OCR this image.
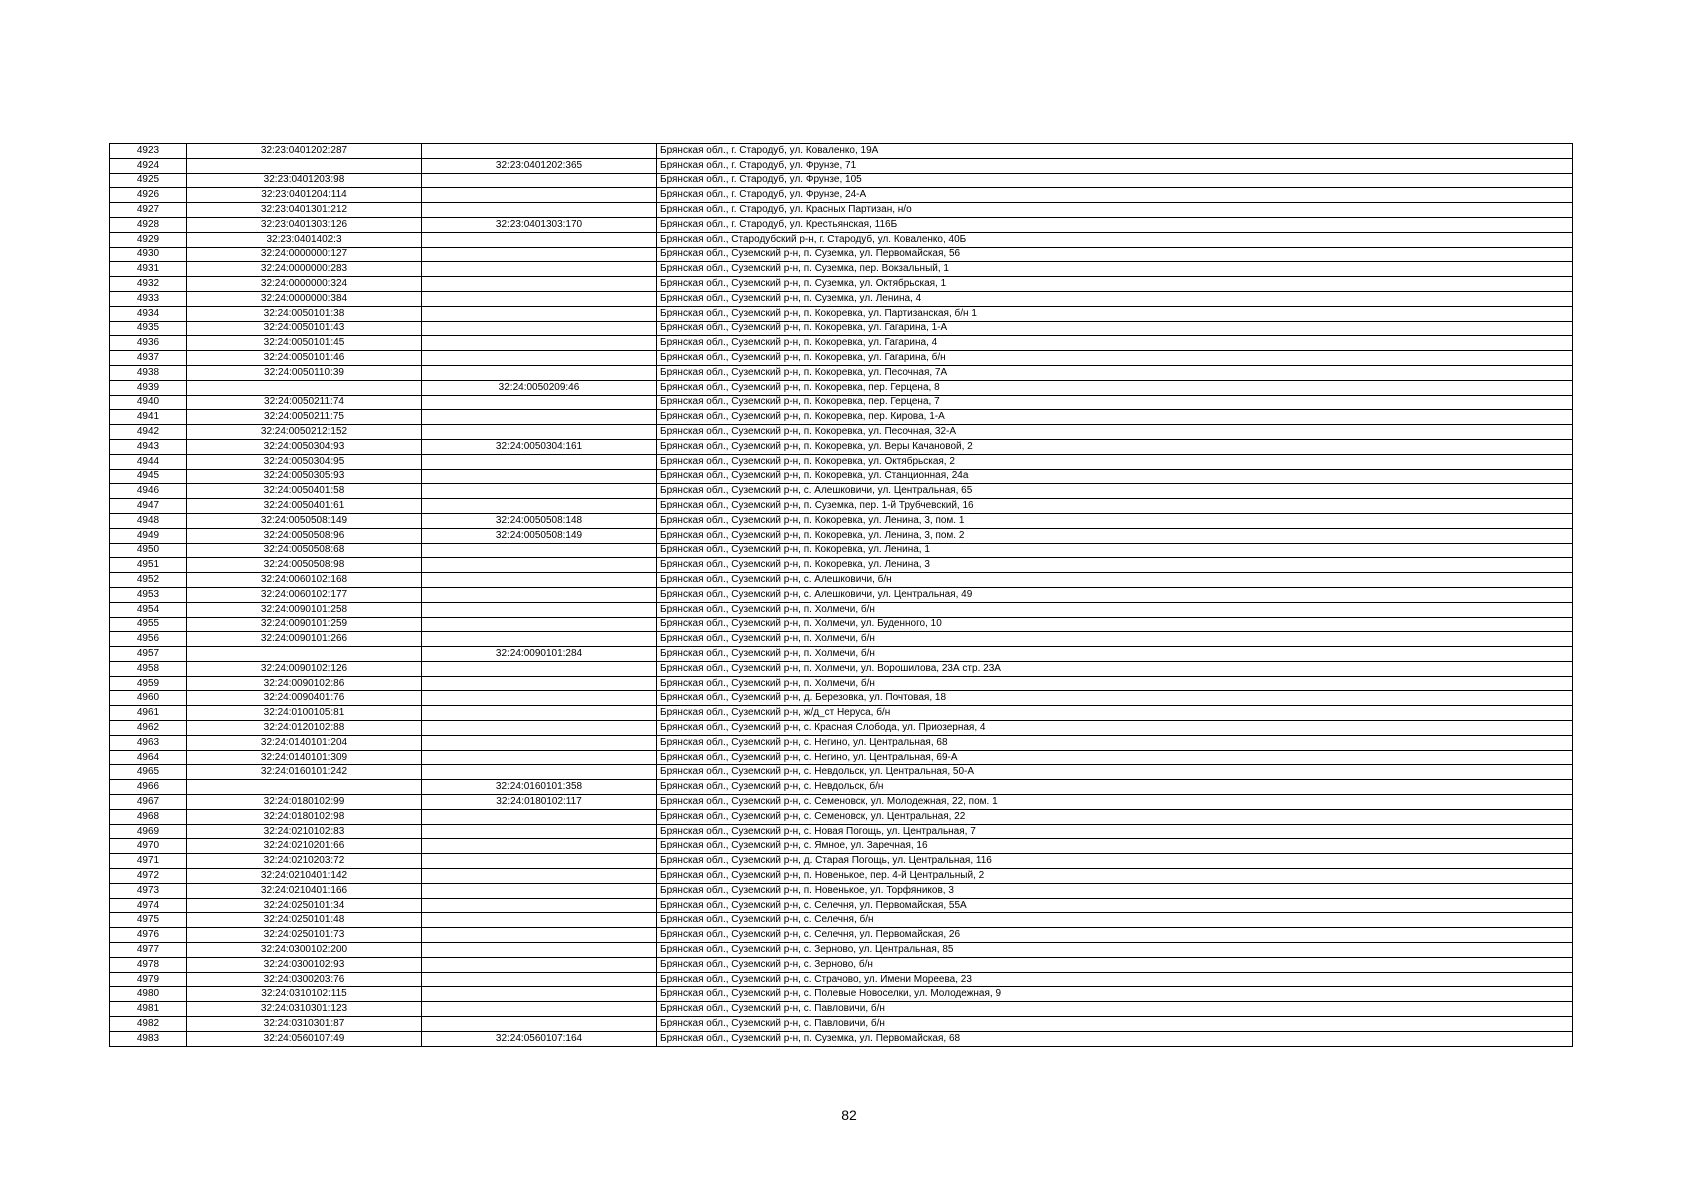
4923	32:23:0401202:287		Брянская обл., г. Стародуб, ул. Коваленко, 19А
4924		32:23:0401202:365	Брянская обл., г. Стародуб, ул. Фрунзе, 71
4925	32:23:0401203:98		Брянская обл., г. Стародуб, ул. Фрунзе, 105
4926	32:23:0401204:114		Брянская обл., г. Стародуб, ул. Фрунзе, 24-А
4927	32:23:0401301:212		Брянская обл., г. Стародуб, ул. Красных Партизан, н/о
4928	32:23:0401303:126	32:23:0401303:170	Брянская обл., г. Стародуб, ул. Крестьянская, 116Б
4929	32:23:0401402:3		Брянская обл., Стародубский р-н, г. Стародуб, ул. Коваленко, 40Б
4930	32:24:0000000:127		Брянская обл., Суземский р-н, п. Суземка, ул. Первомайская, 56
4931	32:24:0000000:283		Брянская обл., Суземский р-н, п. Суземка, пер. Вокзальный, 1
4932	32:24:0000000:324		Брянская обл., Суземский р-н, п. Суземка, ул. Октябрьская, 1
4933	32:24:0000000:384		Брянская обл., Суземский р-н, п. Суземка, ул. Ленина, 4
4934	32:24:0050101:38		Брянская обл., Суземский р-н, п. Кокоревка, ул. Партизанская, б/н 1
4935	32:24:0050101:43		Брянская обл., Суземский р-н, п. Кокоревка, ул. Гагарина, 1-А
4936	32:24:0050101:45		Брянская обл., Суземский р-н, п. Кокоревка, ул. Гагарина, 4
4937	32:24:0050101:46		Брянская обл., Суземский р-н, п. Кокоревка, ул. Гагарина, б/н
4938	32:24:0050110:39		Брянская обл., Суземский р-н, п. Кокоревка, ул. Песочная, 7А
4939		32:24:0050209:46	Брянская обл., Суземский р-н, п. Кокоревка, пер. Герцена, 8
4940	32:24:0050211:74		Брянская обл., Суземский р-н, п. Кокоревка, пер. Герцена, 7
4941	32:24:0050211:75		Брянская обл., Суземский р-н, п. Кокоревка, пер. Кирова, 1-А
4942	32:24:0050212:152		Брянская обл., Суземский р-н, п. Кокоревка, ул. Песочная, 32-А
4943	32:24:0050304:93	32:24:0050304:161	Брянская обл., Суземский р-н, п. Кокоревка, ул. Веры Качановой, 2
4944	32:24:0050304:95		Брянская обл., Суземский р-н, п. Кокоревка, ул. Октябрьская, 2
4945	32:24:0050305:93		Брянская обл., Суземский р-н, п. Кокоревка, ул. Станционная, 24а
4946	32:24:0050401:58		Брянская обл., Суземский р-н, с. Алешковичи, ул. Центральная, 65
4947	32:24:0050401:61		Брянская обл., Суземский р-н, п. Суземка, пер. 1-й Трубчевский, 16
4948	32:24:0050508:149	32:24:0050508:148	Брянская обл., Суземский р-н, п. Кокоревка, ул. Ленина, 3, пом. 1
4949	32:24:0050508:96	32:24:0050508:149	Брянская обл., Суземский р-н, п. Кокоревка, ул. Ленина, 3, пом. 2
4950	32:24:0050508:68		Брянская обл., Суземский р-н, п. Кокоревка, ул. Ленина, 1
4951	32:24:0050508:98		Брянская обл., Суземский р-н, п. Кокоревка, ул. Ленина, 3
4952	32:24:0060102:168		Брянская обл., Суземский р-н, с. Алешковичи, б/н
4953	32:24:0060102:177		Брянская обл., Суземский р-н, с. Алешковичи, ул. Центральная, 49
4954	32:24:0090101:258		Брянская обл., Суземский р-н, п. Холмечи, б/н
4955	32:24:0090101:259		Брянская обл., Суземский р-н, п. Холмечи, ул. Буденного, 10
4956	32:24:0090101:266		Брянская обл., Суземский р-н, п. Холмечи, б/н
4957		32:24:0090101:284	Брянская обл., Суземский р-н, п. Холмечи, б/н
4958	32:24:0090102:126		Брянская обл., Суземский р-н, п. Холмечи, ул. Ворошилова, 23А стр. 23А
4959	32:24:0090102:86		Брянская обл., Суземский р-н, п. Холмечи, б/н
4960	32:24:0090401:76		Брянская обл., Суземский р-н, д. Березовка, ул. Почтовая, 18
4961	32:24:0100105:81		Брянская обл., Суземский р-н, ж/д_ст Неруса, б/н
4962	32:24:0120102:88		Брянская обл., Суземский р-н, с. Красная Слобода, ул. Приозерная, 4
4963	32:24:0140101:204		Брянская обл., Суземский р-н, с. Негино, ул. Центральная, 68
4964	32:24:0140101:309		Брянская обл., Суземский р-н, с. Негино, ул. Центральная, 69-А
4965	32:24:0160101:242		Брянская обл., Суземский р-н, с. Невдольск, ул. Центральная, 50-А
4966		32:24:0160101:358	Брянская обл., Суземский р-н, с. Невдольск, б/н
4967	32:24:0180102:99	32:24:0180102:117	Брянская обл., Суземский р-н, с. Семеновск, ул. Молодежная, 22, пом. 1
4968	32:24:0180102:98		Брянская обл., Суземский р-н, с. Семеновск, ул. Центральная, 22
4969	32:24:0210102:83		Брянская обл., Суземский р-н, с. Новая Погощь, ул. Центральная, 7
4970	32:24:0210201:66		Брянская обл., Суземский р-н, с. Ямное, ул. Заречная, 16
4971	32:24:0210203:72		Брянская обл., Суземский р-н, д. Старая Погощь, ул. Центральная, 116
4972	32:24:0210401:142		Брянская обл., Суземский р-н, п. Новенькое, пер. 4-й Центральный, 2
4973	32:24:0210401:166		Брянская обл., Суземский р-н, п. Новенькое, ул. Торфяников, 3
4974	32:24:0250101:34		Брянская обл., Суземский р-н, с. Селечня, ул. Первомайская, 55А
4975	32:24:0250101:48		Брянская обл., Суземский р-н, с. Селечня, б/н
4976	32:24:0250101:73		Брянская обл., Суземский р-н, с. Селечня, ул. Первомайская, 26
4977	32:24:0300102:200		Брянская обл., Суземский р-н, с. Зерново, ул. Центральная, 85
4978	32:24:0300102:93		Брянская обл., Суземский р-н, с. Зерново, б/н
4979	32:24:0300203:76		Брянская обл., Суземский р-н, с. Страчово, ул. Имени Мореева, 23
4980	32:24:0310102:115		Брянская обл., Суземский р-н, с. Полевые Новоселки, ул. Молодежная, 9
4981	32:24:0310301:123		Брянская обл., Суземский р-н, с. Павловичи, б/н
4982	32:24:0310301:87		Брянская обл., Суземский р-н, с. Павловичи, б/н
4983	32:24:0560107:49	32:24:0560107:164	Брянская обл., Суземский р-н, п. Суземка, ул. Первомайская, 68
82
